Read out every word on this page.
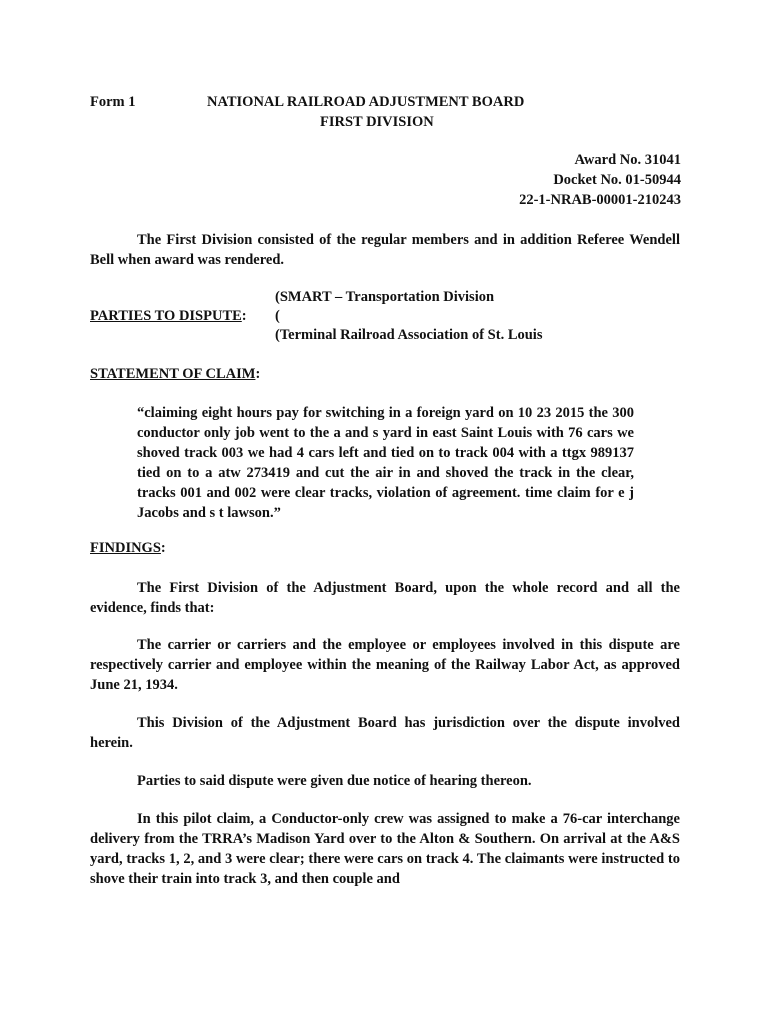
Form 1	NATIONAL RAILROAD ADJUSTMENT BOARD
FIRST DIVISION
Award No. 31041
Docket No. 01-50944
22-1-NRAB-00001-210243
The First Division consisted of the regular members and in addition Referee Wendell Bell when award was rendered.
(SMART – Transportation Division
PARTIES TO DISPUTE: (
(Terminal Railroad Association of St. Louis
STATEMENT OF CLAIM:
“claiming eight hours pay for switching in a foreign yard on 10 23 2015 the 300 conductor only job went to the a and s yard in east Saint Louis with 76 cars we shoved track 003 we had 4 cars left and tied on to track 004 with a ttgx 989137 tied on to a atw 273419 and cut the air in and shoved the track in the clear, tracks 001 and 002 were clear tracks, violation of agreement. time claim for e j Jacobs and s t lawson.”
FINDINGS:
The First Division of the Adjustment Board, upon the whole record and all the evidence, finds that:
The carrier or carriers and the employee or employees involved in this dispute are respectively carrier and employee within the meaning of the Railway Labor Act, as approved June 21, 1934.
This Division of the Adjustment Board has jurisdiction over the dispute involved herein.
Parties to said dispute were given due notice of hearing thereon.
In this pilot claim, a Conductor-only crew was assigned to make a 76-car interchange delivery from the TRRA’s Madison Yard over to the Alton & Southern. On arrival at the A&S yard, tracks 1, 2, and 3 were clear; there were cars on track 4. The claimants were instructed to shove their train into track 3, and then couple and
